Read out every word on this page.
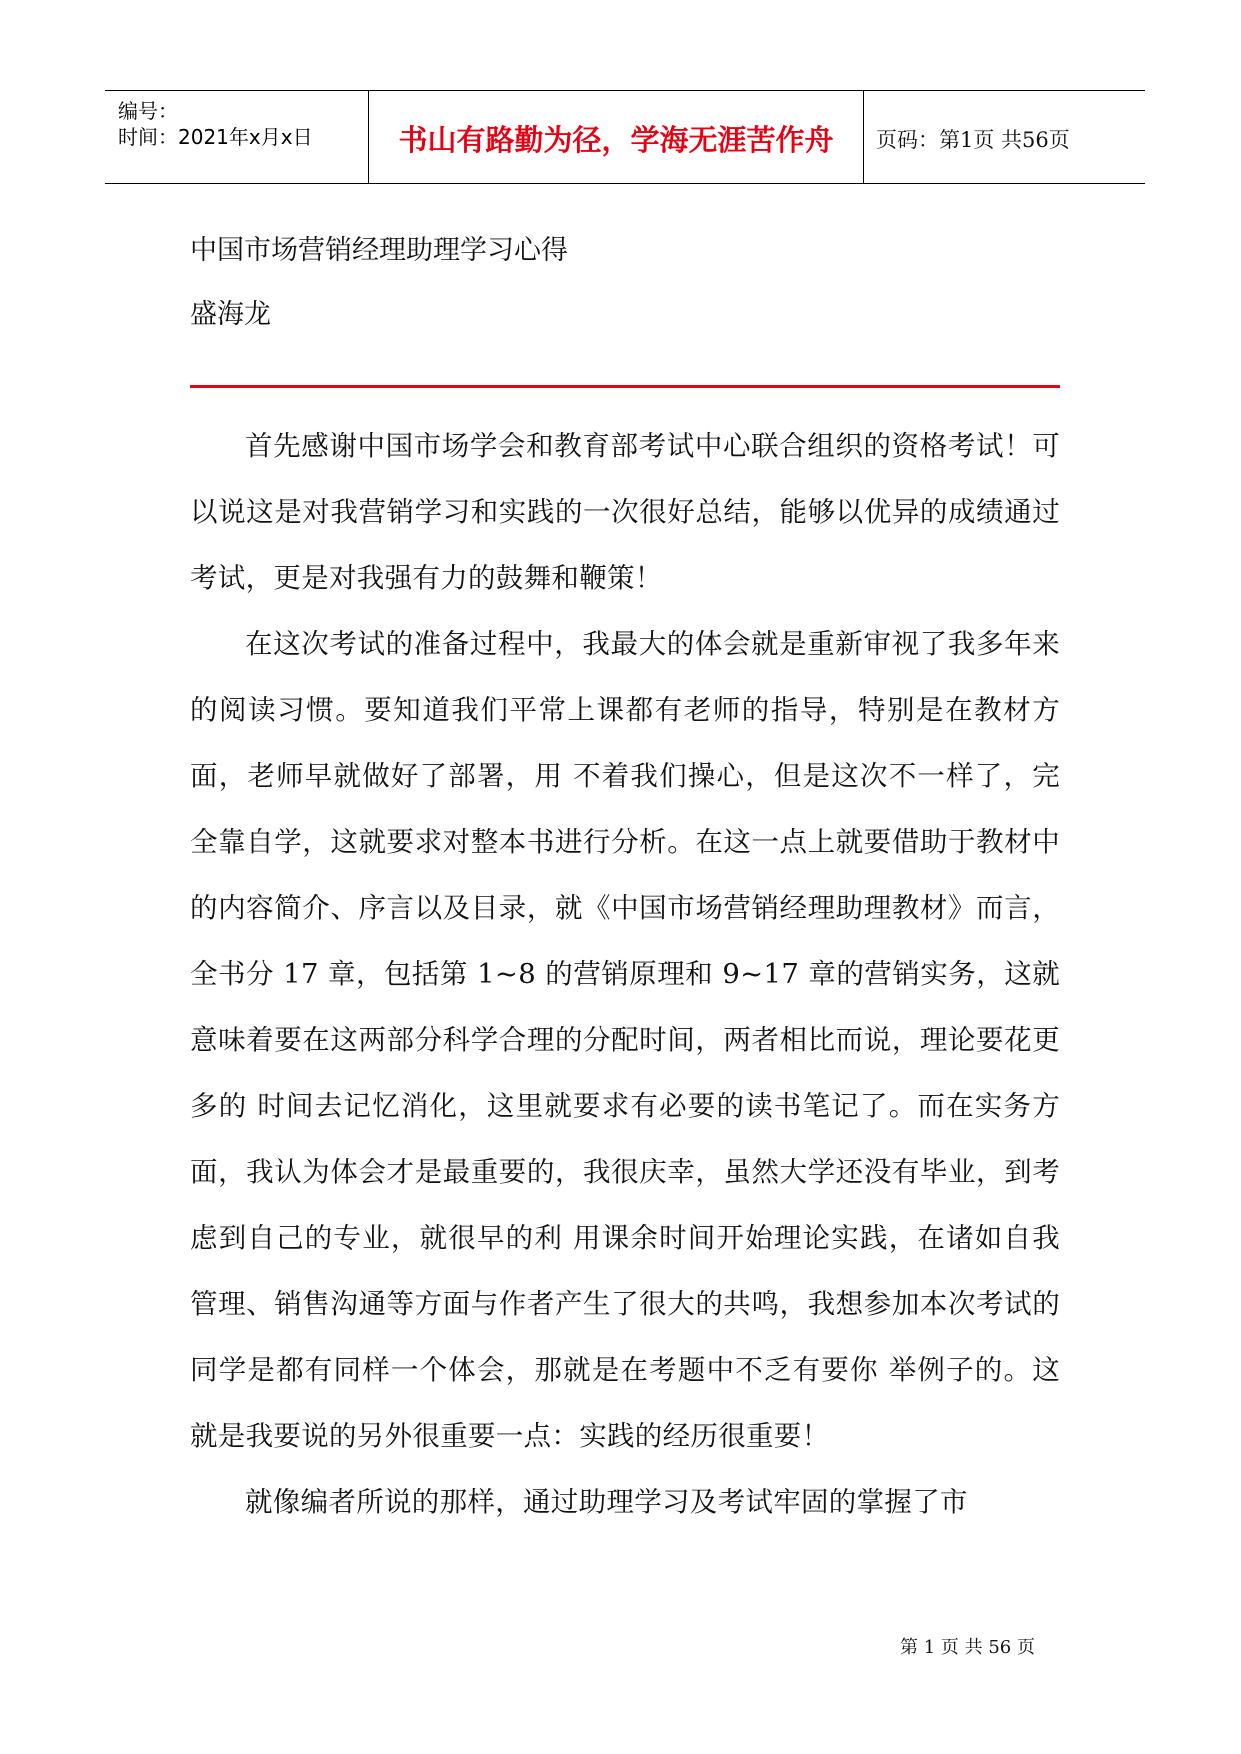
编号：
时间：2021年x月x日	书山有路勤为径，学海无涯苦作舟	页码：第1页 共56页
中国市场营销经理助理学习心得
盛海龙

首先感谢中国市场学会和教育部考试中心联合组织的资格考试！可以说这是对我营销学习和实践的一次很好总结，能够以优异的成绩通过考试，更是对我强有力的鼓舞和鞭策！

在这次考试的准备过程中，我最大的体会就是重新审视了我多年来的阅读习惯。要知道我们平常上课都有老师的指导，特别是在教材方面，老师早就做好了部署，用 不着我们操心，但是这次不一样了，完全靠自学，这就要求对整本书进行分析。在这一点上就要借助于教材中的内容简介、序言以及目录，就《中国市场营销经理助理教材》而言，全书分 17 章，包括第 1~8 的营销原理和 9~17 章的营销实务，这就意味着要在这两部分科学合理的分配时间，两者相比而说，理论要花更多的 时间去记忆消化，这里就要求有必要的读书笔记了。而在实务方面，我认为体会才是最重要的，我很庆幸，虽然大学还没有毕业，到考虑到自己的专业，就很早的利 用课余时间开始理论实践，在诸如自我管理、销售沟通等方面与作者产生了很大的共鸣，我想参加本次考试的同学是都有同样一个体会，那就是在考题中不乏有要你 举例子的。这就是我要说的另外很重要一点：实践的经历很重要！

就像编者所说的那样，通过助理学习及考试牢固的掌握了市

第 1 页 共 56 页
